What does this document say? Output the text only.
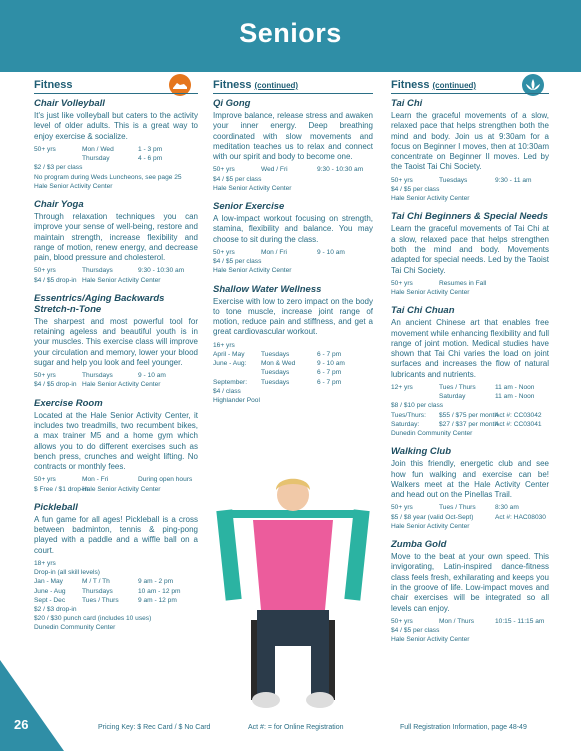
Seniors
Fitness
Chair Volleyball
It's just like volleyball but caters to the activity level of older adults. This is a great way to enjoy exercise & socialize.
50+ yrs	Mon / Wed	1 - 3 pm
Thursday	4 - 6 pm
$2 / $3 per class
No program during Weds Luncheons, see page 25
Hale Senior Activity Center
Chair Yoga
Through relaxation techniques you can improve your sense of well-being, restore and maintain strength, increase flexibility and range of motion, renew energy, and decrease pain, blood pressure and cholesterol.
50+ yrs	Thursdays	9:30 - 10:30 am
$4 / $5 drop-in Hale Senior Activity Center
Essentrics/Aging Backwards Stretch-n-Tone
The sharpest and most powerful tool for retaining ageless and beautiful youth is in your muscles. This exercise class will improve your circulation and memory, lower your blood sugar and help you look and feel younger.
50+ yrs	Thursdays	9 - 10 am
$4 / $5 drop-in Hale Senior Activity Center
Exercise Room
Located at the Hale Senior Activity Center, it includes two treadmills, two recumbent bikes, a max trainer M5 and a home gym which allows you to do different exercises such as bench press, crunches and weight lifting. No contracts or monthly fees.
50+ yrs	Mon - Fri	During open hours
$ Free / $1 drop-in
Hale Senior Activity Center
Pickleball
A fun game for all ages! Pickleball is a cross between badminton, tennis & ping-pong played with a paddle and a wiffle ball on a court.
18+ yrs
Drop-in (all skill levels)
Jan - May	M / T / Th	9 am - 2 pm
June - Aug	Thursdays	10 am - 12 pm
Sept - Dec	Tues / Thurs	9 am - 12 pm
$2 / $3 drop-in
$20 / $30 punch card (includes 10 uses)
Dunedin Community Center
Fitness (continued)
Qi Gong
Improve balance, release stress and awaken your inner energy. Deep breathing coordinated with slow movements and meditation teaches us to relax and connect with our spirit and body to become one.
50+ yrs	Wed / Fri	9:30 - 10:30 am
$4 / $5 per class
Hale Senior Activity Center
Senior Exercise
A low-impact workout focusing on strength, stamina, flexibility and balance. You may choose to sit during the class.
50+ yrs	Mon / Fri	9 - 10 am
$4 / $5 per class
Hale Senior Activity Center
Shallow Water Wellness
Exercise with low to zero impact on the body to tone muscle, increase joint range of motion, reduce pain and stiffness, and get a great cardiovascular workout.
16+ yrs
April - May	Tuesdays	6 - 7 pm
June - Aug:	Mon & Wed	9 - 10 am
Tuesdays	6 - 7 pm
September:	Tuesdays	6 - 7 pm
$4 / class
Highlander Pool
Fitness (continued)
Tai Chi
Learn the graceful movements of a slow, relaxed pace that helps strengthen both the mind and body. Join us at 9:30am for a focus on Beginner I moves, then at 10:30am concentrate on Beginner II moves. Led by the Taoist Tai Chi Society.
50+ yrs	Tuesdays	9:30 - 11 am
$4 / $5 per class
Hale Senior Activity Center
Tai Chi Beginners & Special Needs
Learn the graceful movements of Tai Chi at a slow, relaxed pace that helps strengthen both the mind and body. Movements adapted for special needs. Led by the Taoist Tai Chi Society.
50+ yrs	Resumes in Fall
Hale Senior Activity Center
Tai Chi Chuan
An ancient Chinese art that enables free movement while enhancing flexibility and full range of joint motion. Medical studies have shown that Tai Chi varies the load on joint surfaces and increases the flow of natural lubricants and nutrients.
12+ yrs	Tues / Thurs	11 am - Noon
Saturday	11 am - Noon
$8 / $10 per class
Tues/Thurs:	$55 / $75 per month
Act #: CC03042
Saturday:	$27 / $37 per month
Act #: CC03041
Dunedin Community Center
Walking Club
Join this friendly, energetic club and see how fun walking and exercise can be! Walkers meet at the Hale Activity Center and head out on the Pinellas Trail.
50+ yrs	Tues / Thurs	8:30 am
$5 / $8 year (valid Oct-Sept)	Act #: HAC08030
Hale Senior Activity Center
Zumba Gold
Move to the beat at your own speed. This invigorating, Latin-inspired dance-fitness class feels fresh, exhilarating and keeps you in the groove of life. Low-impact moves and chair exercises will be integrated so all levels can enjoy.
50+ yrs	Mon / Thurs	10:15 - 11:15 am
$4 / $5 per class
Hale Senior Activity Center
26	Pricing Key: $ Rec Card / $ No Card	Act #: = for Online Registration	Full Registration Information, page 48-49
